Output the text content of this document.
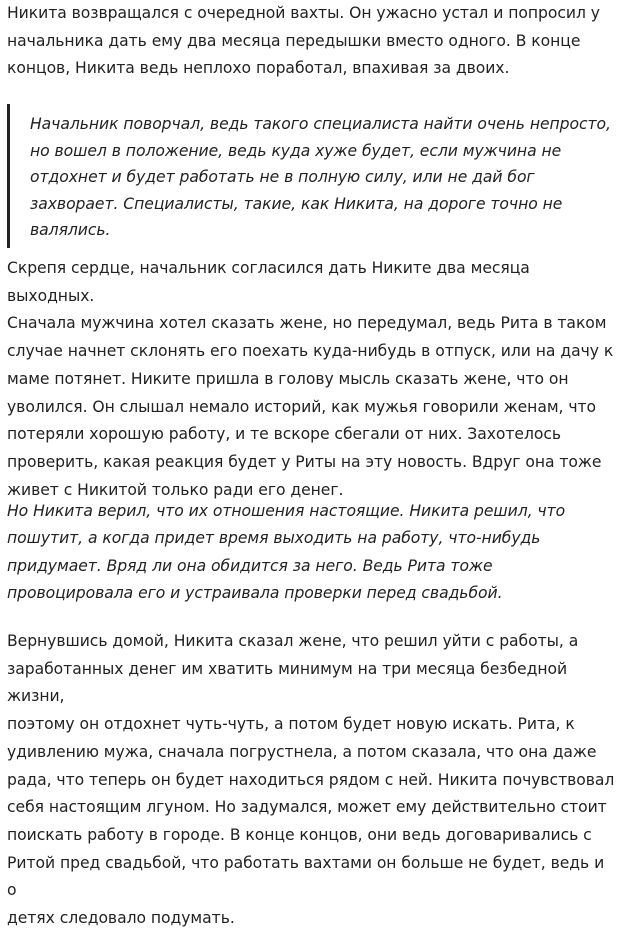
Никита возвращался с очередной вахты. Он ужасно устал и попросил у
начальника дать ему два месяца передышки вместо одного. В конце
концов, Никита ведь неплохо поработал, впахивая за двоих.

Начальник поворчал, ведь такого специалиста найти очень непросто,
но вошел в положение, ведь куда хуже будет, если мужчина не
отдохнет и будет работать не в полную силу, или не дай бог
захворает. Специалисты, такие, как Никита, на дороге точно не
валялись.

Скрепя сердце, начальник согласился дать Никите два месяца выходных.
Сначала мужчина хотел сказать жене, но передумал, ведь Рита в таком
случае начнет склонять его поехать куда-нибудь в отпуск, или на дачу к
маме потянет. Никите пришла в голову мысль сказать жене, что он
уволился. Он слышал немало историй, как мужья говорили женам, что
потеряли хорошую работу, и те вскоре сбегали от них. Захотелось
проверить, какая реакция будет у Риты на эту новость. Вдруг она тоже
живет с Никитой только ради его денег.

Но Никита верил, что их отношения настоящие. Никита решил, что
пошутит, а когда придет время выходить на работу, что-нибудь
придумает. Вряд ли она обидится за него. Ведь Рита тоже
провоцировала его и устраивала проверки перед свадьбой.

Вернувшись домой, Никита сказал жене, что решил уйти с работы, а
заработанных денег им хватить минимум на три месяца безбедной жизни,
поэтому он отдохнет чуть-чуть, а потом будет новую искать. Рита, к
удивлению мужа, сначала погрустнела, а потом сказала, что она даже
рада, что теперь он будет находиться рядом с ней. Никита почувствовал
себя настоящим лгуном. Но задумался, может ему действительно стоит
поискать работу в городе. В конце концов, они ведь договаривались с
Ритой пред свадьбой, что работать вахтами он больше не будет, ведь и о
детях следовало подумать.
